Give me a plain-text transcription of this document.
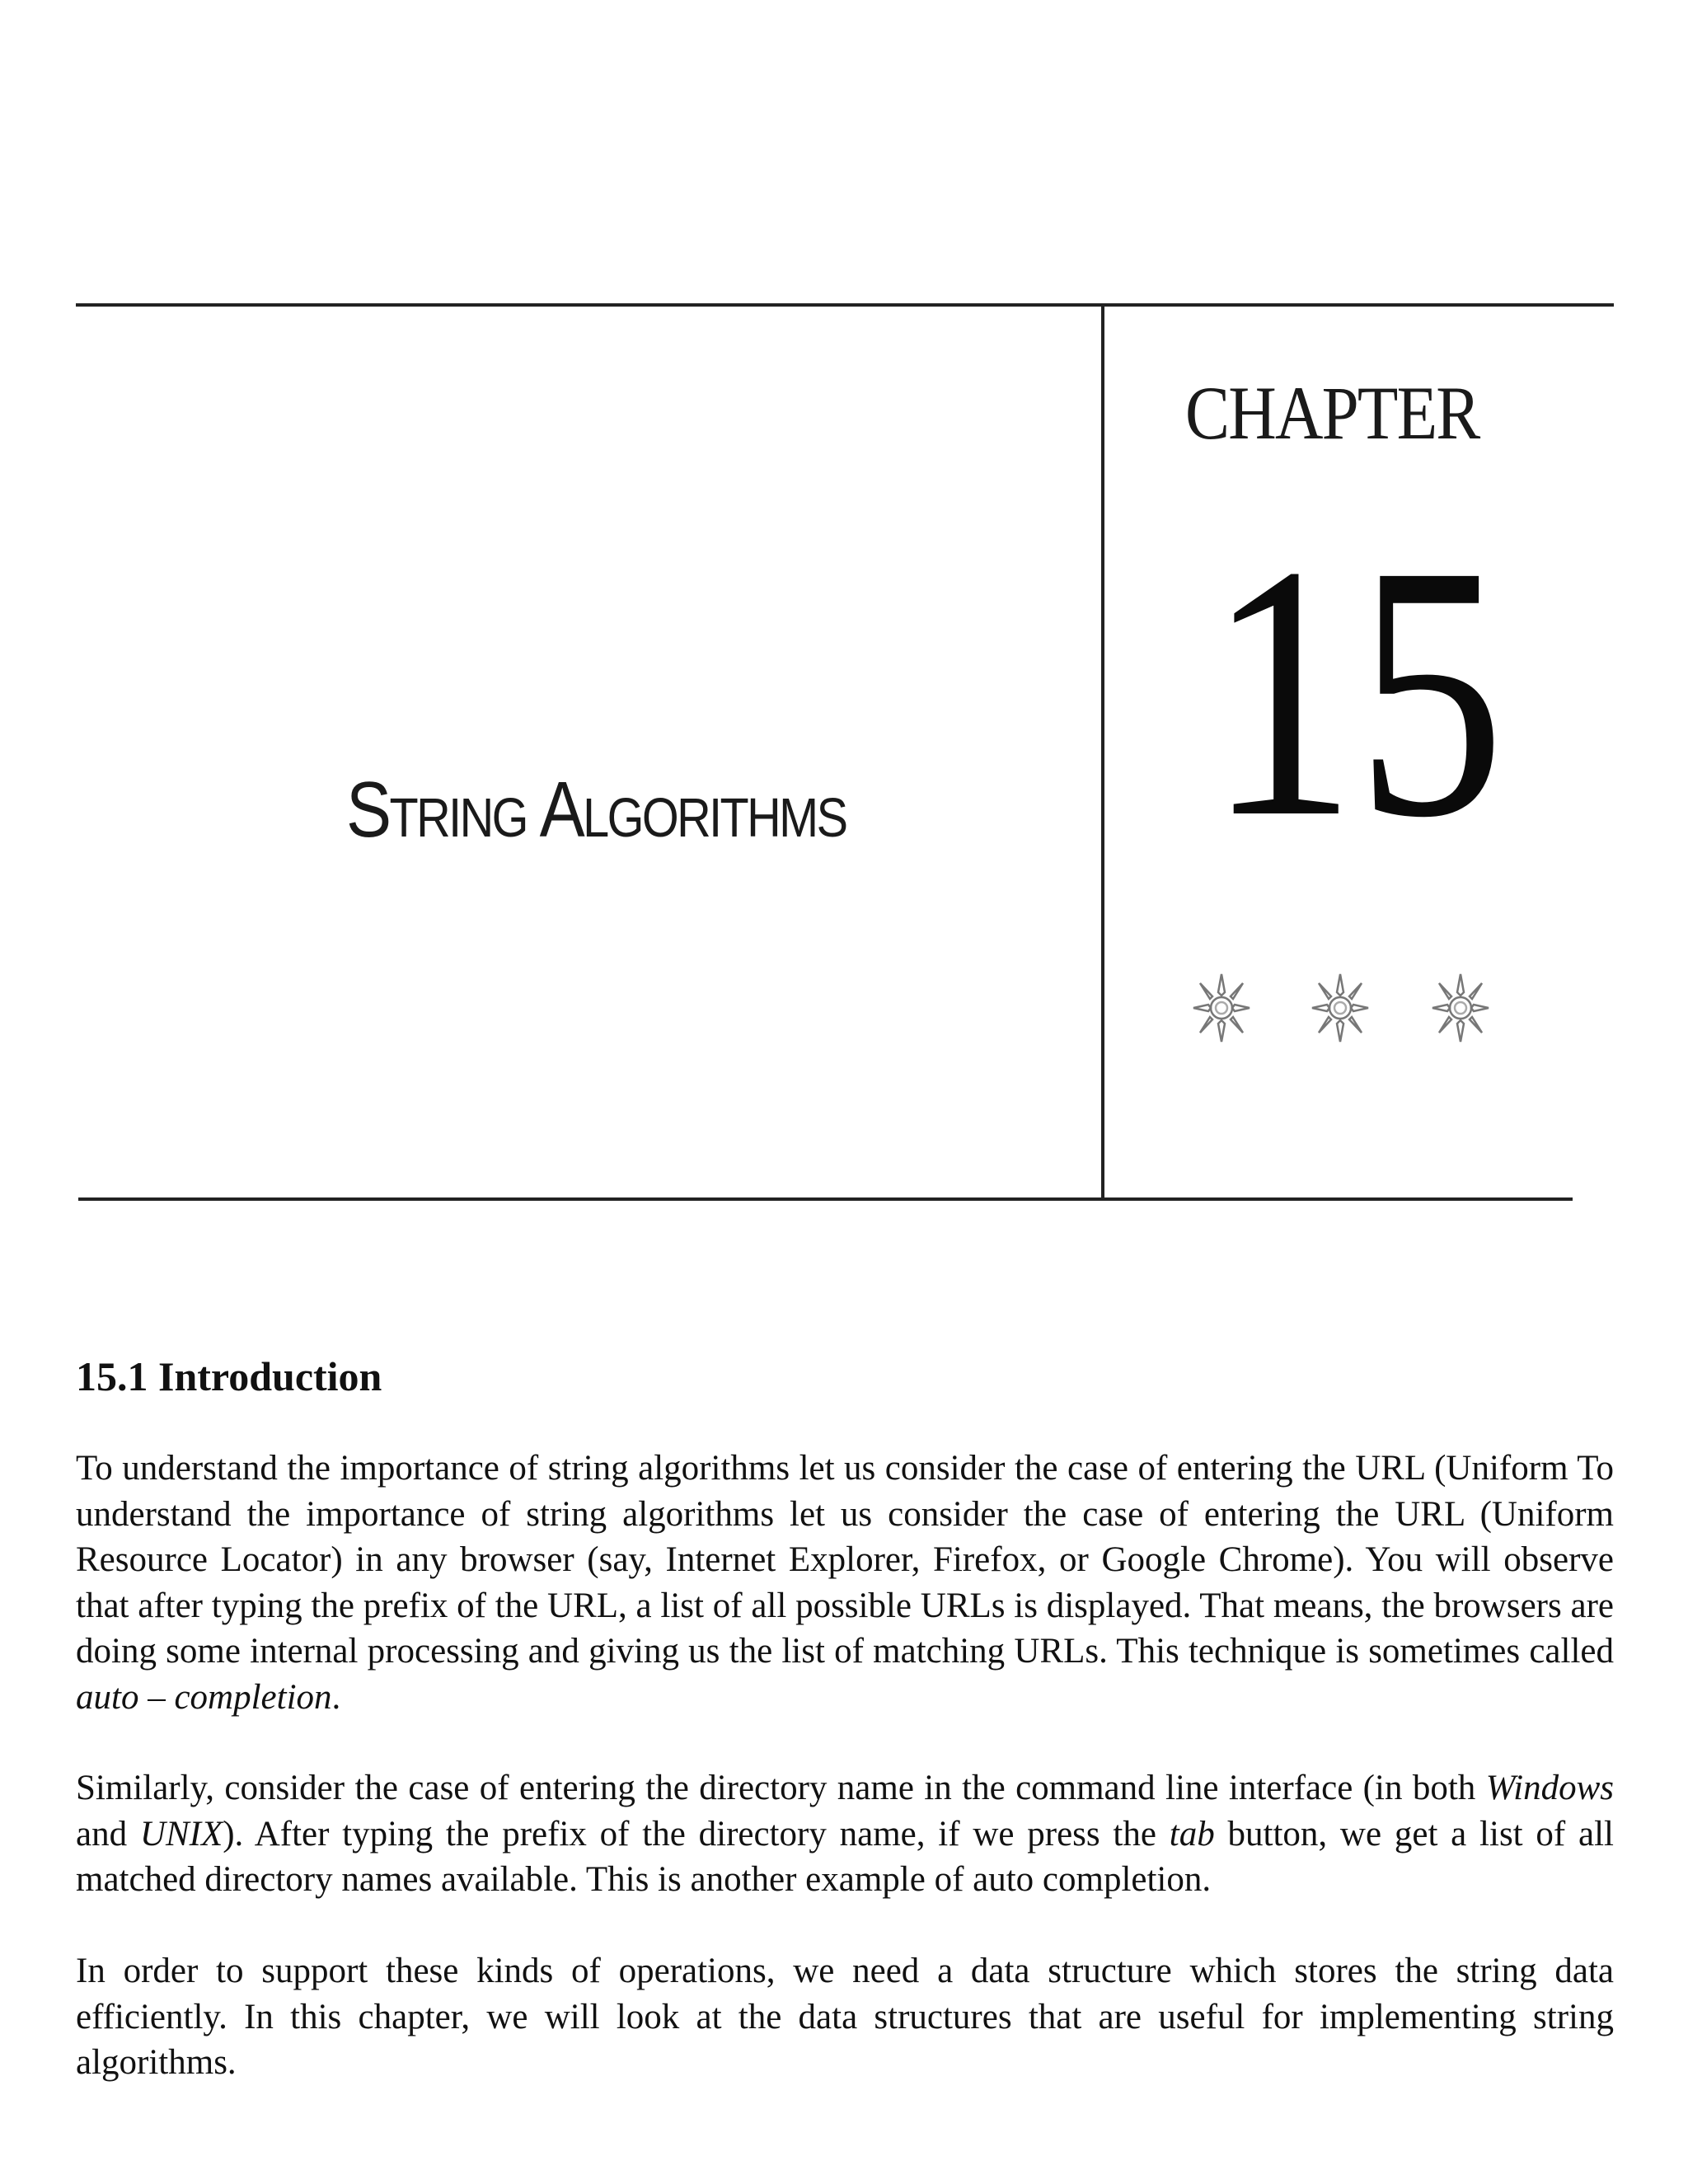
String Algorithms
CHAPTER
15
15.1 Introduction

To understand the importance of string algorithms let us consider the case of entering the URL (Uniform To understand the importance of string algorithms let us consider the case of entering the URL (Uniform Resource Locator) in any browser (say, Internet Explorer, Firefox, or Google Chrome). You will observe that after typing the prefix of the URL, a list of all possible URLs is displayed. That means, the browsers are doing some internal processing and giving us the list of matching URLs. This technique is sometimes called auto – completion.

Similarly, consider the case of entering the directory name in the command line interface (in both Windows and UNIX). After typing the prefix of the directory name, if we press the tab button, we get a list of all matched directory names available. This is another example of auto completion.

In order to support these kinds of operations, we need a data structure which stores the string data efficiently. In this chapter, we will look at the data structures that are useful for implementing string algorithms.
